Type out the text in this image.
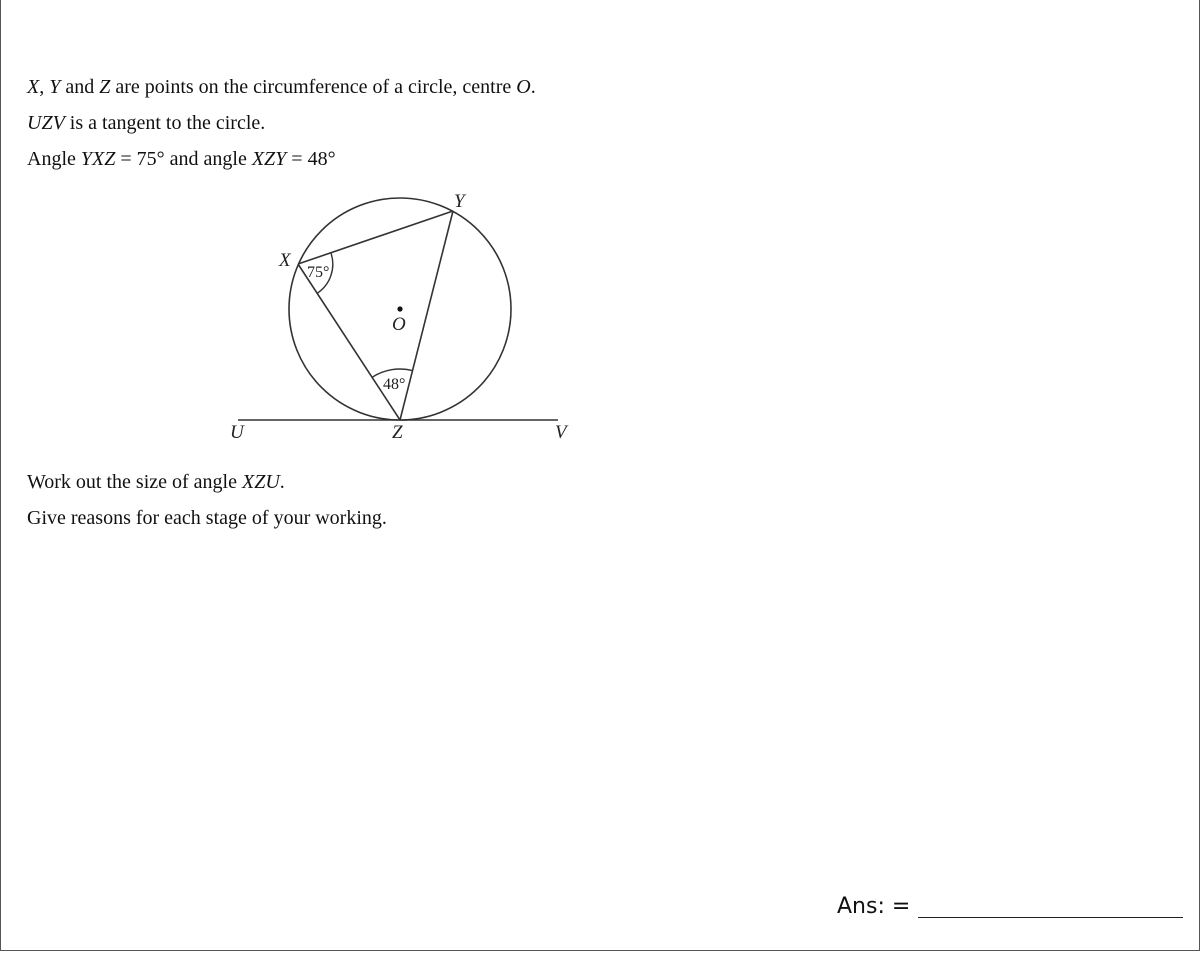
X, Y and Z are points on the circumference of a circle, centre O.
UZV is a tangent to the circle.
Angle YXZ = 75° and angle XZY = 48°
X
Y
Z
O
U	V
75°
48°
Work out the size of angle XZU.
Give reasons for each stage of your working.
Ans: =
